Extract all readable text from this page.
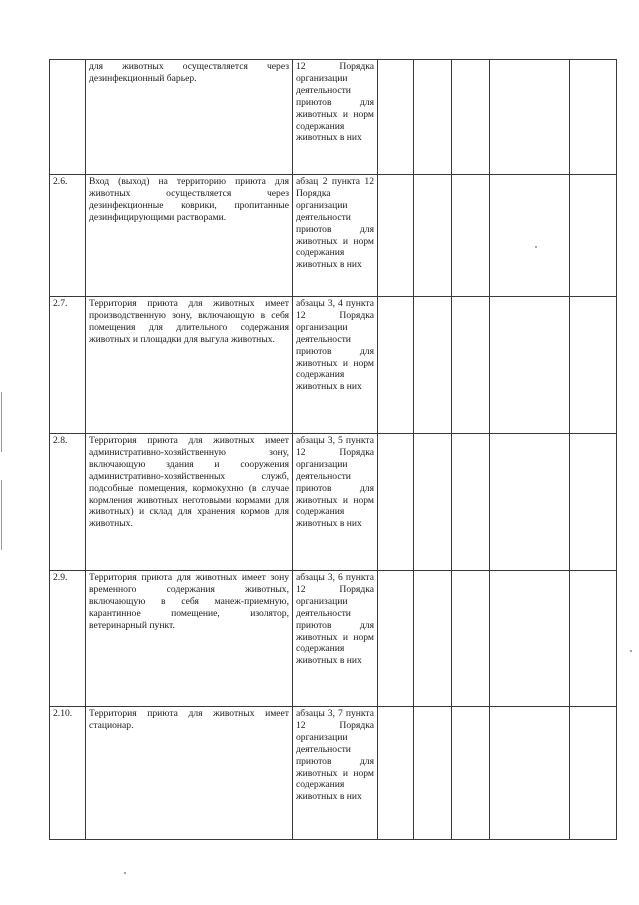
	для животных осуществляется через дезинфекционный барьер.	12 Порядка организации деятельности приютов для животных и норм содержания животных в них					
2.6.	Вход (выход) на территорию приюта для животных осуществляется через дезинфекционные коврики, пропитанные дезинфицирующими растворами.	абзац 2 пункта 12 Порядка организации деятельности приютов для животных и норм содержания животных в них					
2.7.	Территория приюта для животных имеет производственную зону, включающую в себя помещения для длительного содержания животных и площадки для выгула животных.	абзацы 3, 4 пункта 12 Порядка организации деятельности приютов для животных и норм содержания животных в них					
2.8.	Территория приюта для животных имеет административно-хозяйственную зону, включающую здания и сооружения административно-хозяйственных служб, подсобные помещения, кормокухню (в случае кормления животных неготовыми кормами для животных) и склад для хранения кормов для животных.	абзацы 3, 5 пункта 12 Порядка организации деятельности приютов для животных и норм содержания животных в них					
2.9.	Территория приюта для животных имеет зону временного содержания животных, включающую в себя манеж-приемную, карантинное помещение, изолятор, ветеринарный пункт.	абзацы 3, 6 пункта 12 Порядка организации деятельности приютов для животных и норм содержания животных в них					
2.10.	Территория приюта для животных имеет стационар.	абзацы 3, 7 пункта 12 Порядка организации деятельности приютов для животных и норм содержания животных в них					
